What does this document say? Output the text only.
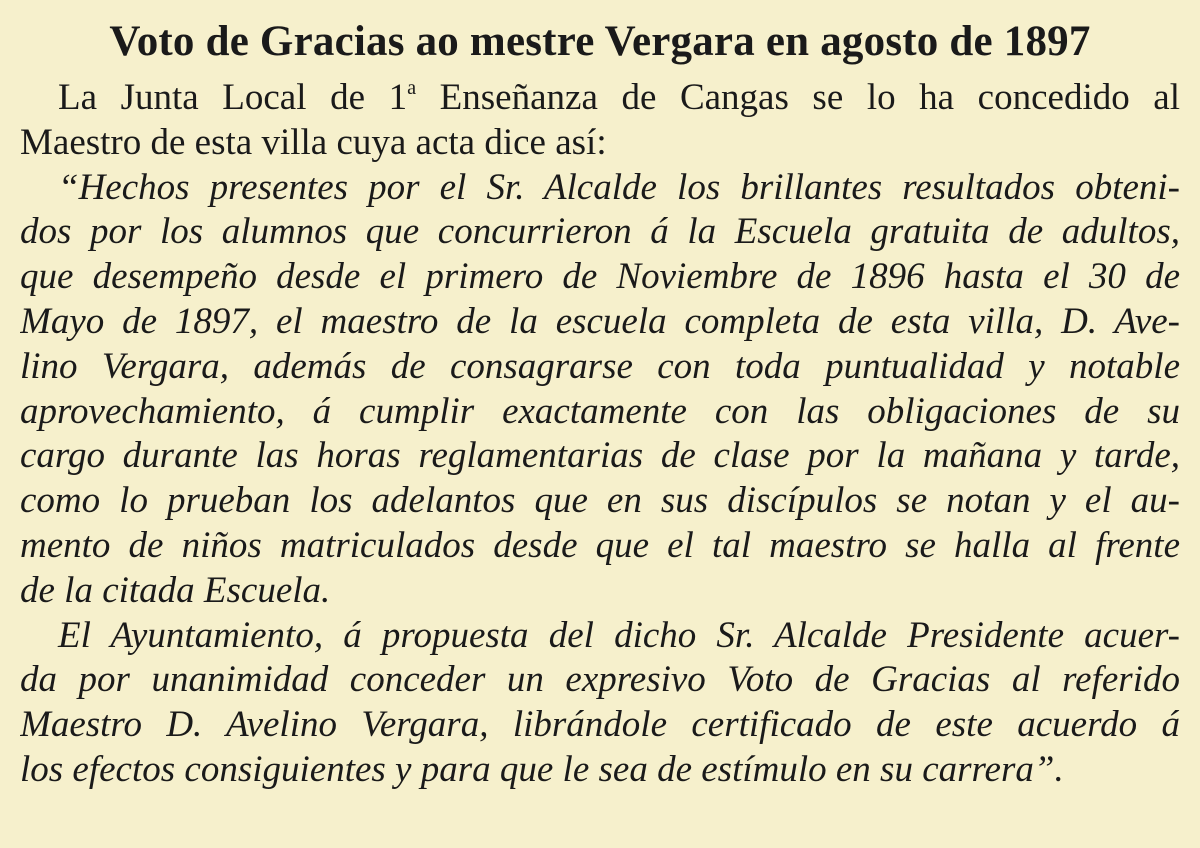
Voto de Gracias ao mestre Vergara en agosto de 1897
La Junta Local de 1$^a$ Enseñanza de Cangas se lo ha concedido al
Maestro de esta villa cuya acta dice así:
“Hechos presentes por el Sr. Alcalde los brillantes resultados obteni-
dos por los alumnos que concurrieron á la Escuela gratuita de adultos,
que desempeño desde el primero de Noviembre de 1896 hasta el 30 de
Mayo de 1897, el maestro de la escuela completa de esta villa, D. Ave-
lino Vergara, además de consagrarse con toda puntualidad y notable
aprovechamiento, á cumplir exactamente con las obligaciones de su
cargo durante las horas reglamentarias de clase por la mañana y tarde,
como lo prueban los adelantos que en sus discípulos se notan y el au-
mento de niños matriculados desde que el tal maestro se halla al frente
de la citada Escuela.
El Ayuntamiento, á propuesta del dicho Sr. Alcalde Presidente acuer-
da por unanimidad conceder un expresivo Voto de Gracias al referido
Maestro D. Avelino Vergara, librándole certificado de este acuerdo á
los efectos consiguientes y para que le sea de estímulo en su carrera”.
